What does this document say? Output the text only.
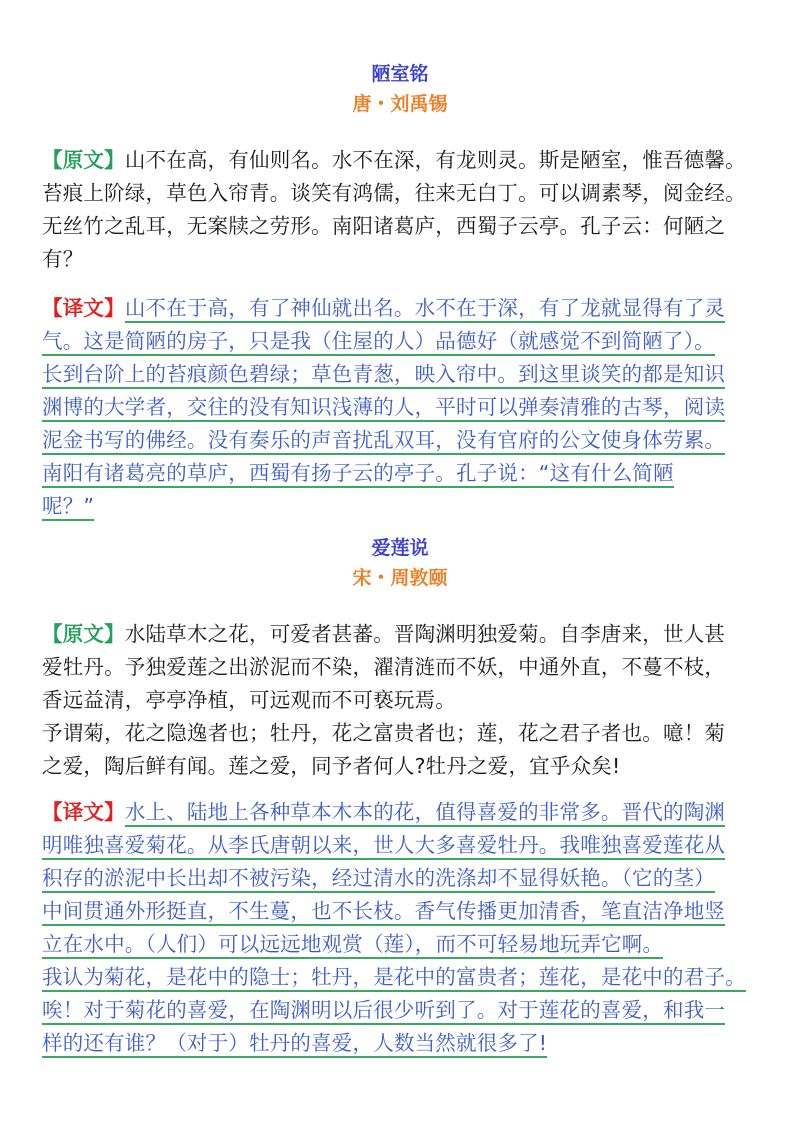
陋室铭
唐・刘禹锡
【原文】山不在高，有仙则名。水不在深，有龙则灵。斯是陋室，惟吾德馨。
苔痕上阶绿，草色入帘青。谈笑有鸿儒，往来无白丁。可以调素琴，阅金经。
无丝竹之乱耳，无案牍之劳形。南阳诸葛庐，西蜀子云亭。孔子云：何陋之
有？
【译文】山不在于高，有了神仙就出名。水不在于深，有了龙就显得有了灵
气。这是简陋的房子，只是我（住屋的人）品德好（就感觉不到简陋了）。
长到台阶上的苔痕颜色碧绿；草色青葱，映入帘中。到这里谈笑的都是知识
渊博的大学者，交往的没有知识浅薄的人，平时可以弹奏清雅的古琴，阅读
泥金书写的佛经。没有奏乐的声音扰乱双耳，没有官府的公文使身体劳累。
南阳有诸葛亮的草庐，西蜀有扬子云的亭子。孔子说：“这有什么简陋
呢？”
爱莲说
宋・周敦颐
【原文】水陆草木之花，可爱者甚蕃。晋陶渊明独爱菊。自李唐来，世人甚
爱牡丹。予独爱莲之出淤泥而不染，濯清涟而不妖，中通外直，不蔓不枝，
香远益清，亭亭净植，可远观而不可亵玩焉。
予谓菊，花之隐逸者也；牡丹，花之富贵者也；莲，花之君子者也。噫！菊
之爱，陶后鲜有闻。莲之爱，同予者何人?牡丹之爱，宜乎众矣!
【译文】水上、陆地上各种草本木本的花，值得喜爱的非常多。晋代的陶渊
明唯独喜爱菊花。从李氏唐朝以来，世人大多喜爱牡丹。我唯独喜爱莲花从
积存的淤泥中长出却不被污染，经过清水的洗涤却不显得妖艳。（它的茎）
中间贯通外形挺直，不生蔓，也不长枝。香气传播更加清香，笔直洁净地竖
立在水中。（人们）可以远远地观赏（莲），而不可轻易地玩弄它啊。
我认为菊花，是花中的隐士；牡丹，是花中的富贵者；莲花，是花中的君子。
唉！对于菊花的喜爱，在陶渊明以后很少听到了。对于莲花的喜爱，和我一
样的还有谁？（对于）牡丹的喜爱，人数当然就很多了!
